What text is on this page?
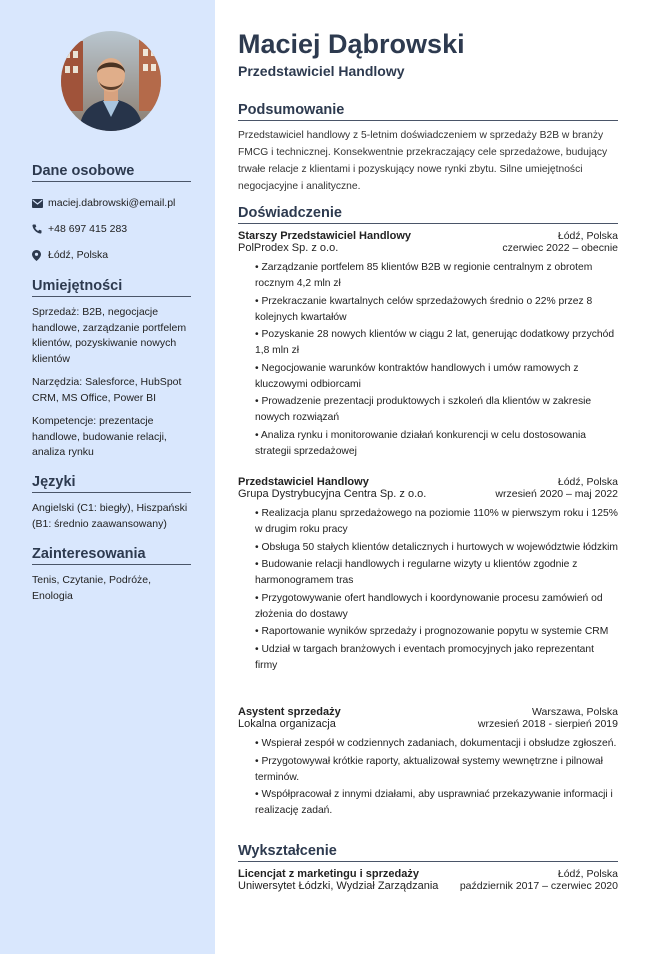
Dane osobowe
maciej.dabrowski@email.pl
+48 697 415 283
Łódź, Polska
Umiejętności
Sprzedaż: B2B, negocjacje handlowe, zarządzanie portfelem klientów, pozyskiwanie nowych klientów
Narzędzia: Salesforce, HubSpot CRM, MS Office, Power BI
Kompetencje: prezentacje handlowe, budowanie relacji, analiza rynku
Języki
Angielski (C1: biegły), Hiszpański (B1: średnio zaawansowany)
Zainteresowania
Tenis, Czytanie, Podróże, Enologia
Maciej Dąbrowski
Przedstawiciel Handlowy
Podsumowanie
Przedstawiciel handlowy z 5-letnim doświadczeniem w sprzedaży B2B w branży FMCG i technicznej. Konsekwentnie przekraczający cele sprzedażowe, budujący trwałe relacje z klientami i pozyskujący nowe rynki zbytu. Silne umiejętności negocjacyjne i analityczne.
Doświadczenie
Starszy Przedstawiciel Handlowy	Łódź, Polska
PolProdex Sp. z o.o.	czerwiec 2022 – obecnie
• Zarządzanie portfelem 85 klientów B2B w regionie centralnym z obrotem rocznym 4,2 mln zł
• Przekraczanie kwartalnych celów sprzedażowych średnio o 22% przez 8 kolejnych kwartałów
• Pozyskanie 28 nowych klientów w ciągu 2 lat, generując dodatkowy przychód 1,8 mln zł
• Negocjowanie warunków kontraktów handlowych i umów ramowych z kluczowymi odbiorcami
• Prowadzenie prezentacji produktowych i szkoleń dla klientów w zakresie nowych rozwiązań
• Analiza rynku i monitorowanie działań konkurencji w celu dostosowania strategii sprzedażowej
Przedstawiciel Handlowy	Łódź, Polska
Grupa Dystrybucyjna Centra Sp. z o.o.	wrzesień 2020 – maj 2022
• Realizacja planu sprzedażowego na poziomie 110% w pierwszym roku i 125% w drugim roku pracy
• Obsługa 50 stałych klientów detalicznych i hurtowych w województwie łódzkim
• Budowanie relacji handlowych i regularne wizyty u klientów zgodnie z harmonogramem tras
• Przygotowywanie ofert handlowych i koordynowanie procesu zamówień od złożenia do dostawy
• Raportowanie wyników sprzedaży i prognozowanie popytu w systemie CRM
• Udział w targach branżowych i eventach promocyjnych jako reprezentant firmy
Asystent sprzedaży	Warszawa, Polska
Lokalna organizacja	wrzesień 2018 - sierpień 2019
• Wspierał zespół w codziennych zadaniach, dokumentacji i obsłudze zgłoszeń.
• Przygotowywał krótkie raporty, aktualizował systemy wewnętrzne i pilnował terminów.
• Współpracował z innymi działami, aby usprawniać przekazywanie informacji i realizację zadań.
Wykształcenie
Licencjat z marketingu i sprzedaży	Łódź, Polska
Uniwersytet Łódzki, Wydział Zarządzania październik 2017 – czerwiec 2020
